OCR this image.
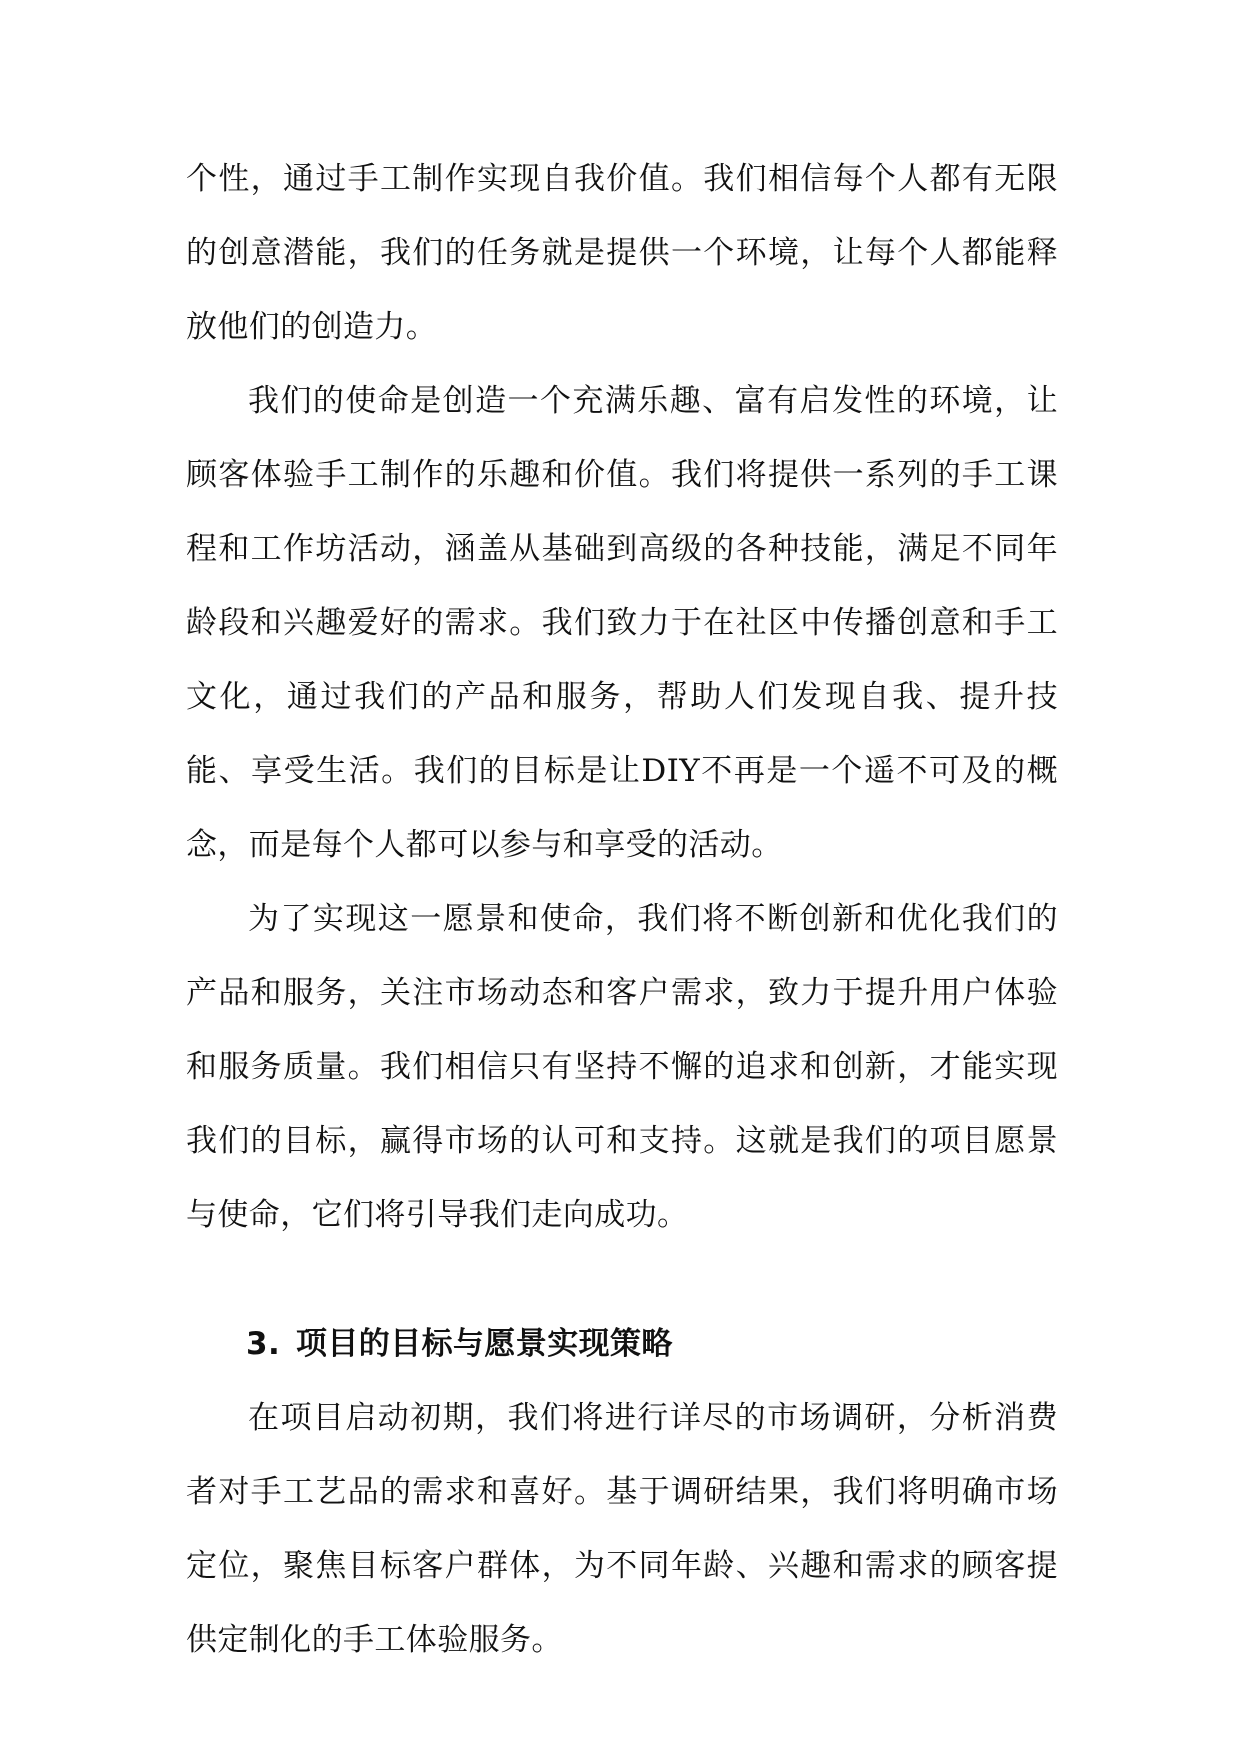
个性，通过手工制作实现自我价值。我们相信每个人都有无限的创意潜能，我们的任务就是提供一个环境，让每个人都能释放他们的创造力。

我们的使命是创造一个充满乐趣、富有启发性的环境，让顾客体验手工制作的乐趣和价值。我们将提供一系列的手工课程和工作坊活动，涵盖从基础到高级的各种技能，满足不同年龄段和兴趣爱好的需求。我们致力于在社区中传播创意和手工文化，通过我们的产品和服务，帮助人们发现自我、提升技能、享受生活。我们的目标是让DIY不再是一个遥不可及的概念，而是每个人都可以参与和享受的活动。

为了实现这一愿景和使命，我们将不断创新和优化我们的产品和服务，关注市场动态和客户需求，致力于提升用户体验和服务质量。我们相信只有坚持不懈的追求和创新，才能实现我们的目标，赢得市场的认可和支持。这就是我们的项目愿景与使命，它们将引导我们走向成功。

3. 项目的目标与愿景实现策略

在项目启动初期，我们将进行详尽的市场调研，分析消费者对手工艺品的需求和喜好。基于调研结果，我们将明确市场定位，聚焦目标客户群体，为不同年龄、兴趣和需求的顾客提供定制化的手工体验服务。
